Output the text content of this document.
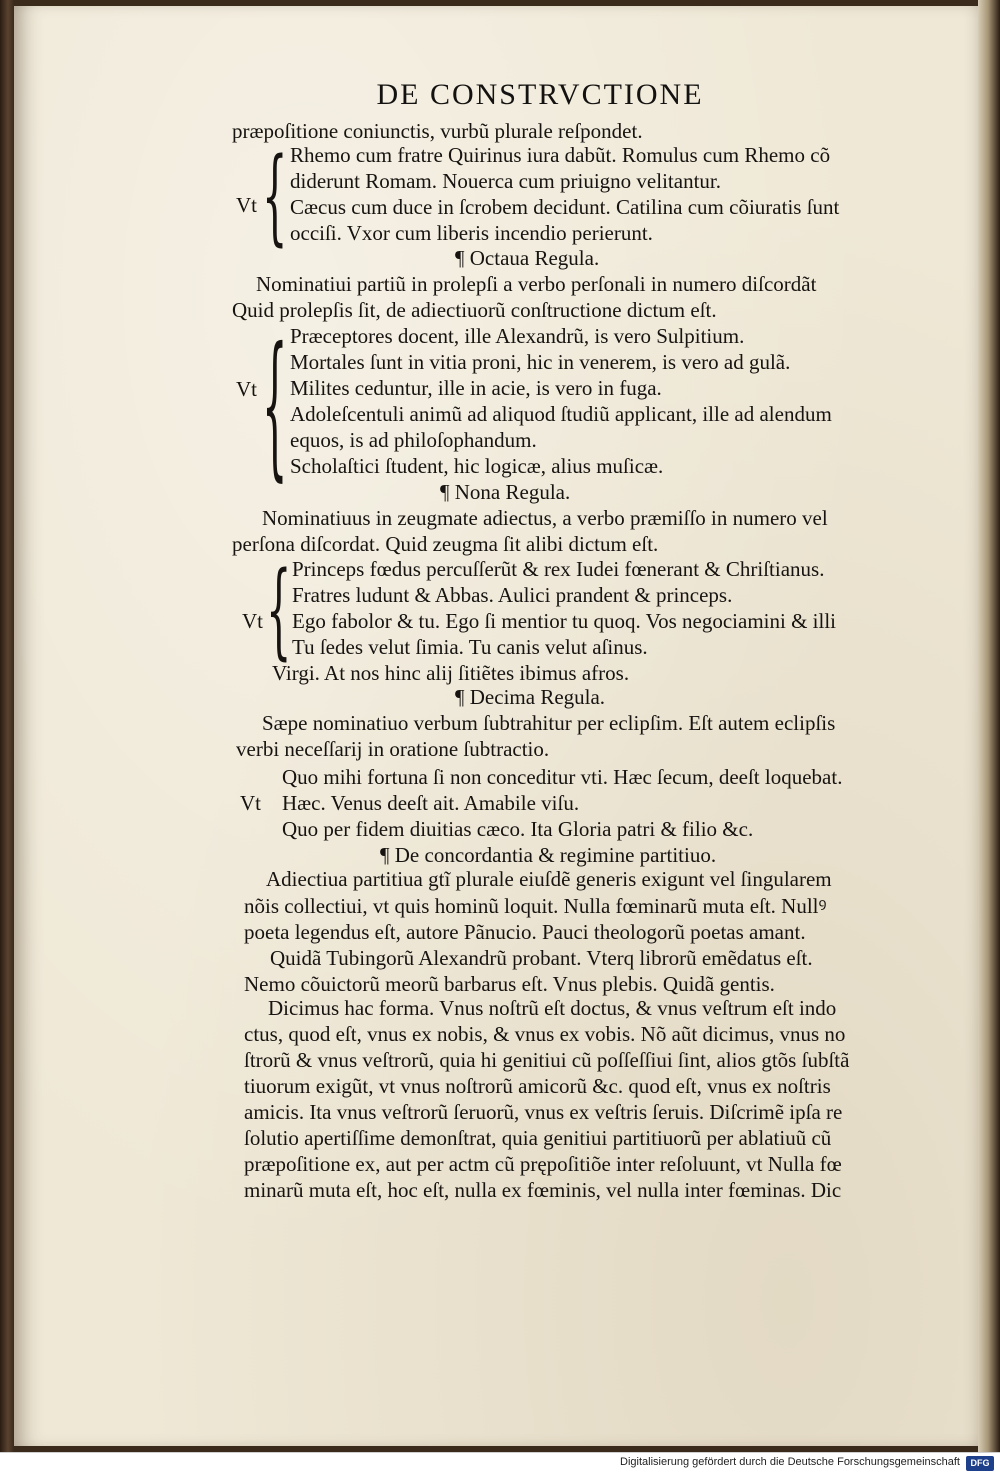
DE CONSTRVCTIONE
præpoſitione coniunctis, vurbũ plurale reſpondet.
{
Vt
Rhemo cum fratre Quirinus iura dabũt. Romulus cum Rhemo cõ
diderunt Romam. Nouerca cum priuigno velitantur.
Cæcus cum duce in ſcrobem decidunt. Catilina cum cõiuratis ſunt
occiſi. Vxor cum liberis incendio perierunt.
¶ Octaua Regula.
Nominatiui partiũ in prolepſi a verbo perſonali in numero diſcordãt
Quid prolepſis ſit, de adiectiuorũ conſtructione dictum eſt.
{
Vt
Præceptores docent, ille Alexandrũ, is vero Sulpitium.
Mortales ſunt in vitia proni, hic in venerem, is vero ad gulã.
Milites ceduntur, ille in acie, is vero in fuga.
Adoleſcentuli animũ ad aliquod ſtudiũ applicant, ille ad alendum
equos, is ad philoſophandum.
Scholaſtici ſtudent, hic logicæ, alius muſicæ.
¶ Nona Regula.
Nominatiuus in zeugmate adiectus, a verbo præmiſſo in numero vel
perſona diſcordat. Quid zeugma ſit alibi dictum eſt.
{
Vt
Princeps fœdus percuſſerũt & rex Iudei fœnerant & Chriſtianus.
Fratres ludunt & Abbas. Aulici prandent & princeps.
Ego fabolor & tu. Ego ſi mentior tu quoq. Vos negociamini & illi
Tu ſedes velut ſimia. Tu canis velut aſinus.
Virgi. At nos hinc alij ſitiẽtes ibimus afros.
¶ Decima Regula.
Sæpe nominatiuo verbum ſubtrahitur per eclipſim. Eſt autem eclipſis
verbi neceſſarij in oratione ſubtractio.
Quo mihi fortuna ſi non conceditur vti. Hæc ſecum, deeſt loquebat.
Vt Hæc. Venus deeſt ait. Amabile viſu.
Quo per fidem diuitias cæco. Ita Gloria patri & filio &c.
¶ De concordantia & regimine partitiuo.
Adiectiua partitiua gtĩ plurale eiuſdẽ generis exigunt vel ſingularem
nõis collectiui, vt quis hominũ loquit. Nulla fœminarũ muta eſt. Nullꝰ
poeta legendus eſt, autore Pãnucio. Pauci theologorũ poetas amant.
Quidã Tubingorũ Alexandrũ probant. Vterq librorũ emẽdatus eſt.
Nemo cõuictorũ meorũ barbarus eſt. Vnus plebis. Quidã gentis.
Dicimus hac forma. Vnus noſtrũ eſt doctus, & vnus veſtrum eſt indo
ctus, quod eſt, vnus ex nobis, & vnus ex vobis. Nõ aũt dicimus, vnus no
ſtrorũ & vnus veſtrorũ, quia hi genitiui cũ poſſeſſiui ſint, alios gtõs ſubſtã
tiuorum exigũt, vt vnus noſtrorũ amicorũ &c. quod eſt, vnus ex noſtris
amicis. Ita vnus veſtrorũ ſeruorũ, vnus ex veſtris ſeruis. Diſcrimẽ ipſa re
ſolutio apertiſſime demonſtrat, quia genitiui partitiuorũ per ablatiuũ cũ
præpoſitione ex, aut per actm cũ prępoſitiõe inter reſoluunt, vt Nulla fœ
minarũ muta eſt, hoc eſt, nulla ex fœminis, vel nulla inter fœminas. Dic
Digitalisierung gefördert durch die Deutsche Forschungsgemeinschaft	DFG
